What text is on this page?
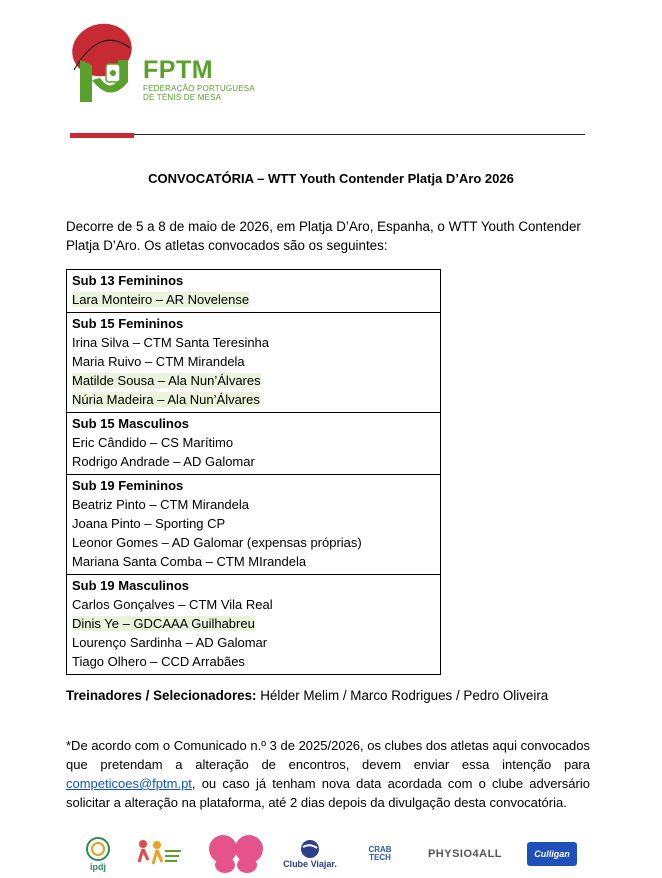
FPTM
FEDERAÇÃO PORTUGUESA
DE TÉNIS DE MESA
CONVOCATÓRIA – WTT Youth Contender Platja D’Aro 2026
Decorre de 5 a 8 de maio de 2026, em Platja D’Aro, Espanha, o WTT Youth Contender Platja D’Aro. Os atletas convocados são os seguintes:
Sub 13 Femininos
Lara Monteiro – AR Novelense

Sub 15 Femininos
Irina Silva – CTM Santa Teresinha
Maria Ruivo – CTM Mirandela
Matilde Sousa – Ala Nun’Álvares
Núria Madeira – Ala Nun’Álvares

Sub 15 Masculinos
Eric Cândido – CS Marítimo
Rodrigo Andrade – AD Galomar

Sub 19 Femininos
Beatriz Pinto – CTM Mirandela
Joana Pinto – Sporting CP
Leonor Gomes – AD Galomar (expensas próprias)
Mariana Santa Comba – CTM MIrandela

Sub 19 Masculinos
Carlos Gonçalves – CTM Vila Real
Dinis Ye – GDCAAA Guilhabreu
Lourenço Sardinha – AD Galomar
Tiago Olhero – CCD Arrabães
Treinadores / Selecionadores: Hélder Melim / Marco Rodrigues / Pedro Oliveira
*De acordo com o Comunicado n.º 3 de 2025/2026, os clubes dos atletas aqui convocados que pretendam a alteração de encontros, devem enviar essa intenção para competicoes@fptm.pt, ou caso já tenham nova data acordada com o clube adversário solicitar a alteração na plataforma, até 2 dias depois da divulgação desta convocatória.
ipdj	Clube Viajar.
CRAB
TECH	PHYSIO4ALL	Culligan
